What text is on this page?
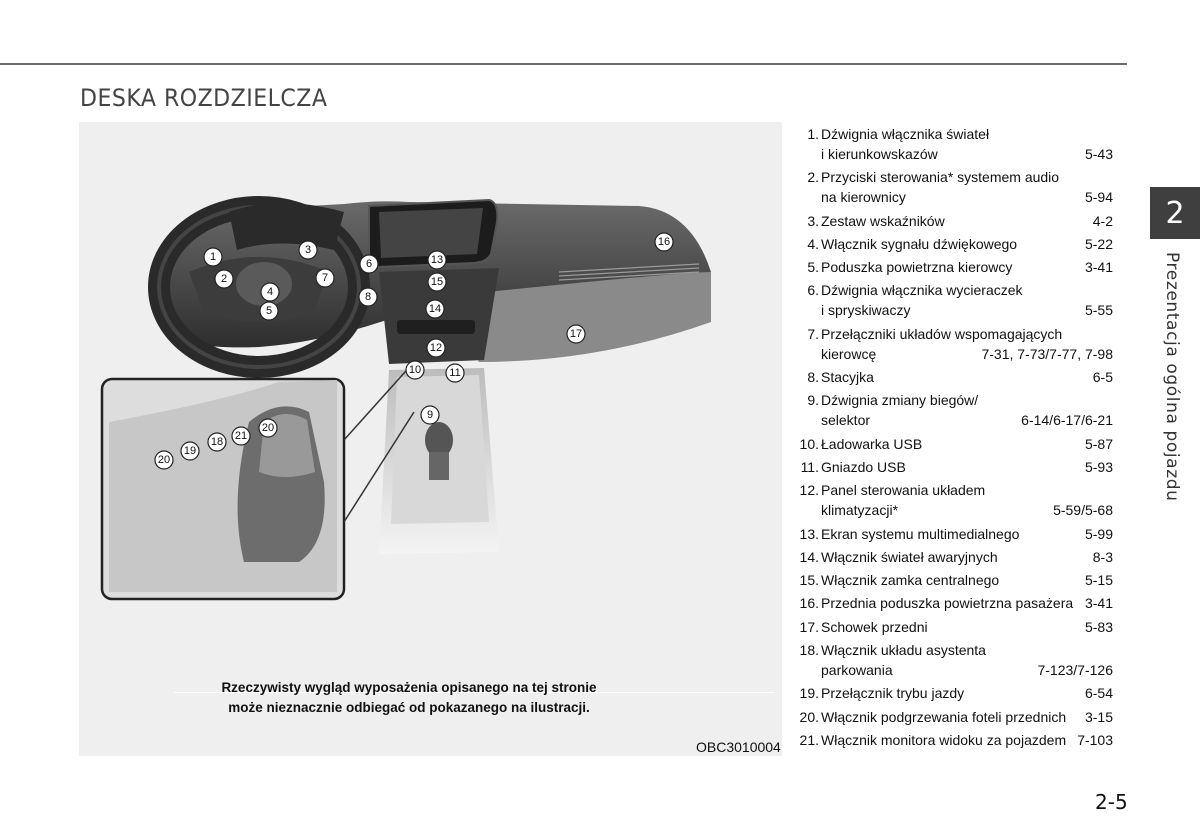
DESKA ROZDZIELCZA
1
2
3
4
5
6
7
8
9
10	11
12
13
14
15
16
17
18
19
20
20
21
Rzeczywisty wygląd wyposażenia opisanego na tej stronie
może nieznacznie odbiegać od pokazanego na ilustracji.
OBC3010004
1. Dźwignia włącznika świateł
i kierunkowskazów	5-43
2. Przyciski sterowania* systemem audio
na kierownicy	5-94
3. Zestaw wskaźników	4-2
4. Włącznik sygnału dźwiękowego	5-22
5. Poduszka powietrzna kierowcy	3-41
6. Dźwignia włącznika wycieraczek
i spryskiwaczy	5-55
7. Przełączniki układów wspomagających
kierowcę	7-31, 7-73/7-77, 7-98
8. Stacyjka	6-5
9. Dźwignia zmiany biegów/
selektor	6-14/6-17/6-21
10. Ładowarka USB	5-87
11. Gniazdo USB	5-93
12. Panel sterowania układem
klimatyzacji*	5-59/5-68
13. Ekran systemu multimedialnego	5-99
14. Włącznik świateł awaryjnych	8-3
15. Włącznik zamka centralnego	5-15
16. Przednia poduszka powietrzna pasażera 3-41
17. Schowek przedni	5-83
18. Włącznik układu asystenta
parkowania	7-123/7-126
19. Przełącznik trybu jazdy	6-54
20. Włącznik podgrzewania foteli przednich	3-15
21. Włącznik monitora widoku za pojazdem 7-103
2
Prezentacja ogólna pojazdu
2-5
